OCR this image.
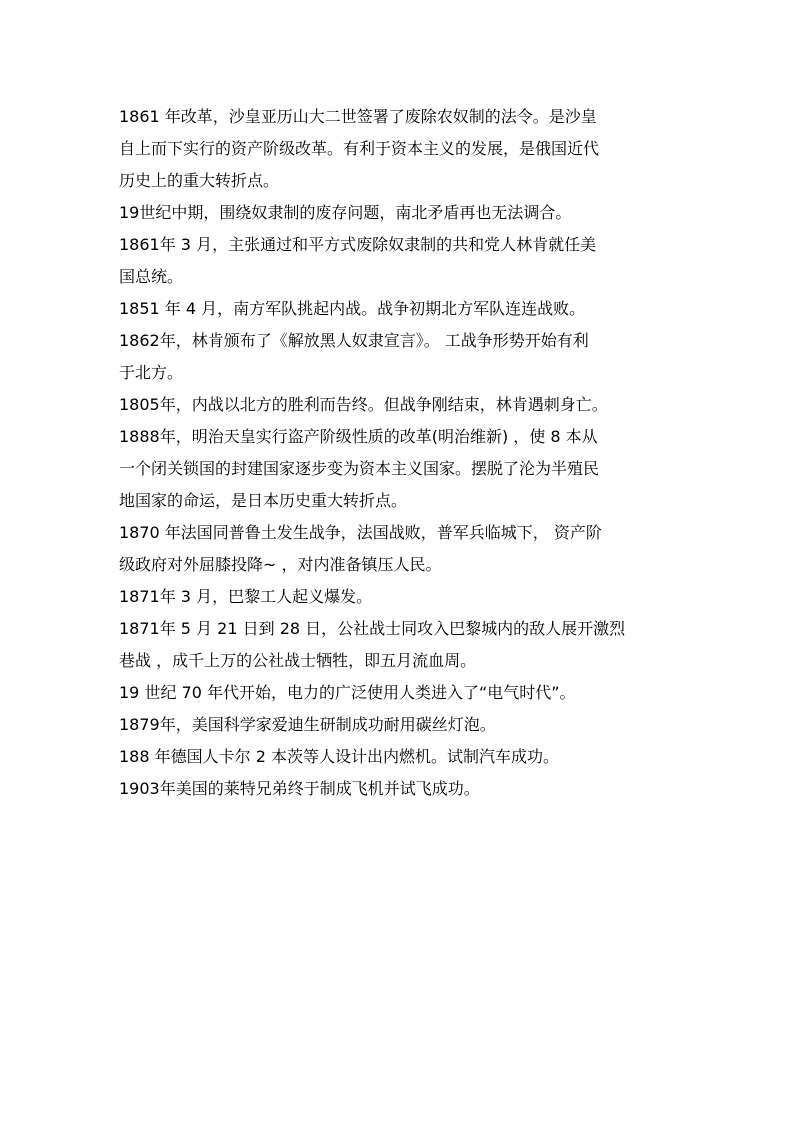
1861 年改革，沙皇亚历山大二世签署了废除农奴制的法令。是沙皇
自上而下实行的资产阶级改革。有利于资本主义的发展，是俄国近代
历史上的重大转折点。
19世纪中期，围绕奴隶制的废存问题，南北矛盾再也无法调合。
1861年 3 月，主张通过和平方式废除奴隶制的共和党人林肯就任美
国总统。
1851 年 4 月，南方军队挑起内战。战争初期北方军队连连战败。
1862年，林肯颁布了《解放黑人奴隶宣言》。 工战争形势开始有利
于北方。
1805年，内战以北方的胜利而告终。但战争刚结束，林肯遇刺身亡。
1888年，明治天皇实行盗产阶级性质的改革(明治维新) ，使 8 本从
一个闭关锁国的封建国家逐步变为资本主义国家。摆脱了沦为半殖民
地国家的命运，是日本历史重大转折点。
1870 年法国同普鲁土发生战争，法国战败，普军兵临城下， 资产阶
级政府对外屈膝投降~ ，对内准备镇压人民。
1871年 3 月，巴黎工人起义爆发。
1871年 5 月 21 日到 28 日，公社战士同攻入巴黎城内的敌人展开激烈
巷战 ，成千上万的公社战士牺牲，即五月流血周。
19 世纪 70 年代开始，电力的广泛使用人类进入了“电气时代”。
1879年，美国科学家爱迪生研制成功耐用碳丝灯泡。
188 年德国人卡尔 2 本茨等人设计出内燃机。试制汽车成功。
1903年美国的莱特兄弟终于制成飞机并试飞成功。
